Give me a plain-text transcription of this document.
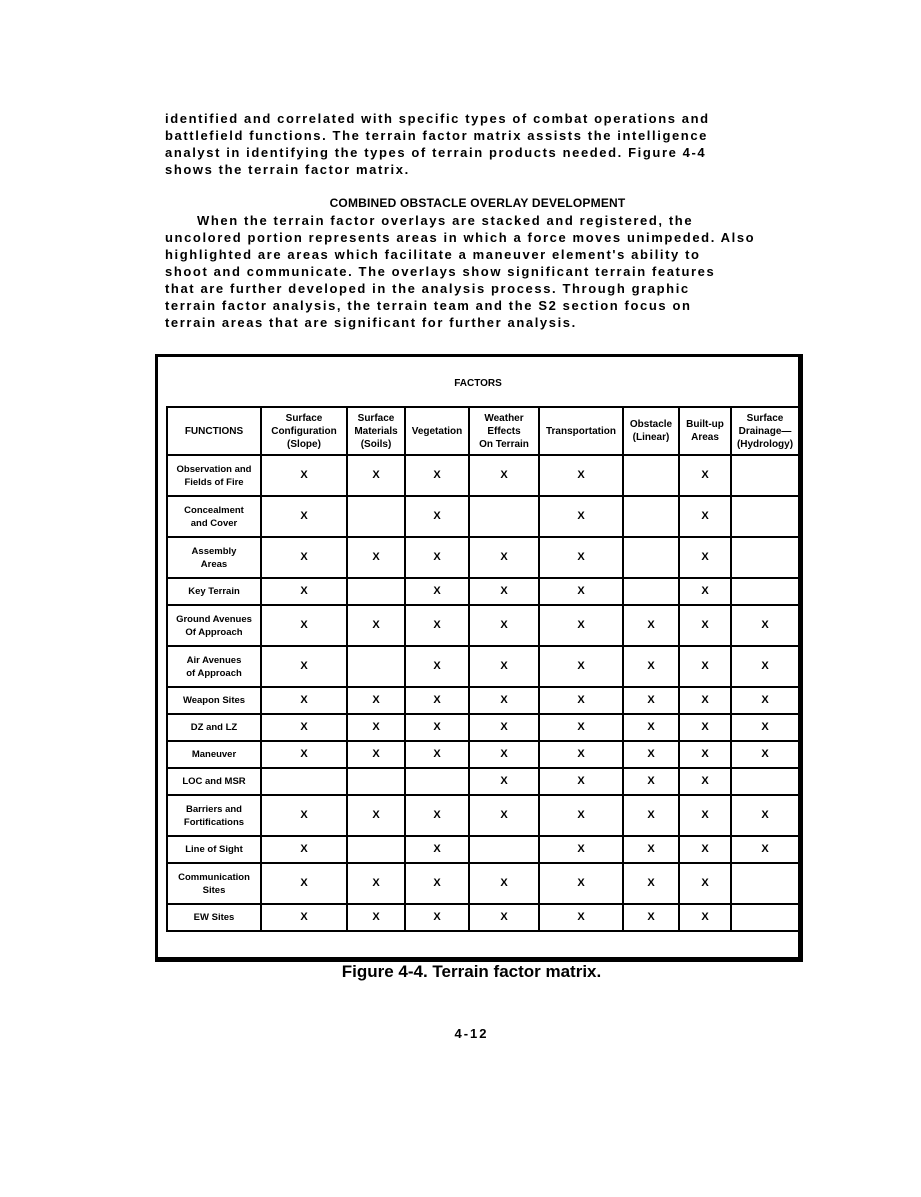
identified and correlated with specific types of combat operations and
battlefield functions. The terrain factor matrix assists the intelligence
analyst in identifying the types of terrain products needed. Figure 4-4
shows the terrain factor matrix.

COMBINED OBSTACLE OVERLAY DEVELOPMENT

When the terrain factor overlays are stacked and registered, the
uncolored portion represents areas in which a force moves unimpeded. Also
highlighted are areas which facilitate a maneuver element's ability to
shoot and communicate. The overlays show significant terrain features
that are further developed in the analysis process. Through graphic
terrain factor analysis, the terrain team and the S2 section focus on
terrain areas that are significant for further analysis.

FACTORS
FUNCTIONS	Surface
Configuration
(Slope)	Surface
Materials
(Soils)	Vegetation	Weather
Effects
On Terrain	Transportation	Obstacle
(Linear)	Built-up
Areas	Surface
Drainage—
(Hydrology)
Observation and
Fields of Fire	X	X	X	X	X		X	
Concealment
and Cover	X		X		X		X	
Assembly
Areas	X	X	X	X	X		X	
Key Terrain	X		X	X	X		X	
Ground Avenues
Of Approach	X	X	X	X	X	X	X	X
Air Avenues
of Approach	X		X	X	X	X	X	X
Weapon Sites	X	X	X	X	X	X	X	X
DZ and LZ	X	X	X	X	X	X	X	X
Maneuver	X	X	X	X	X	X	X	X
LOC and MSR				X	X	X	X	
Barriers and
Fortifications	X	X	X	X	X	X	X	X
Line of Sight	X		X		X	X	X	X
Communication
Sites	X	X	X	X	X	X	X	
EW Sites	X	X	X	X	X	X	X	
Figure 4-4. Terrain factor matrix.
4-12
